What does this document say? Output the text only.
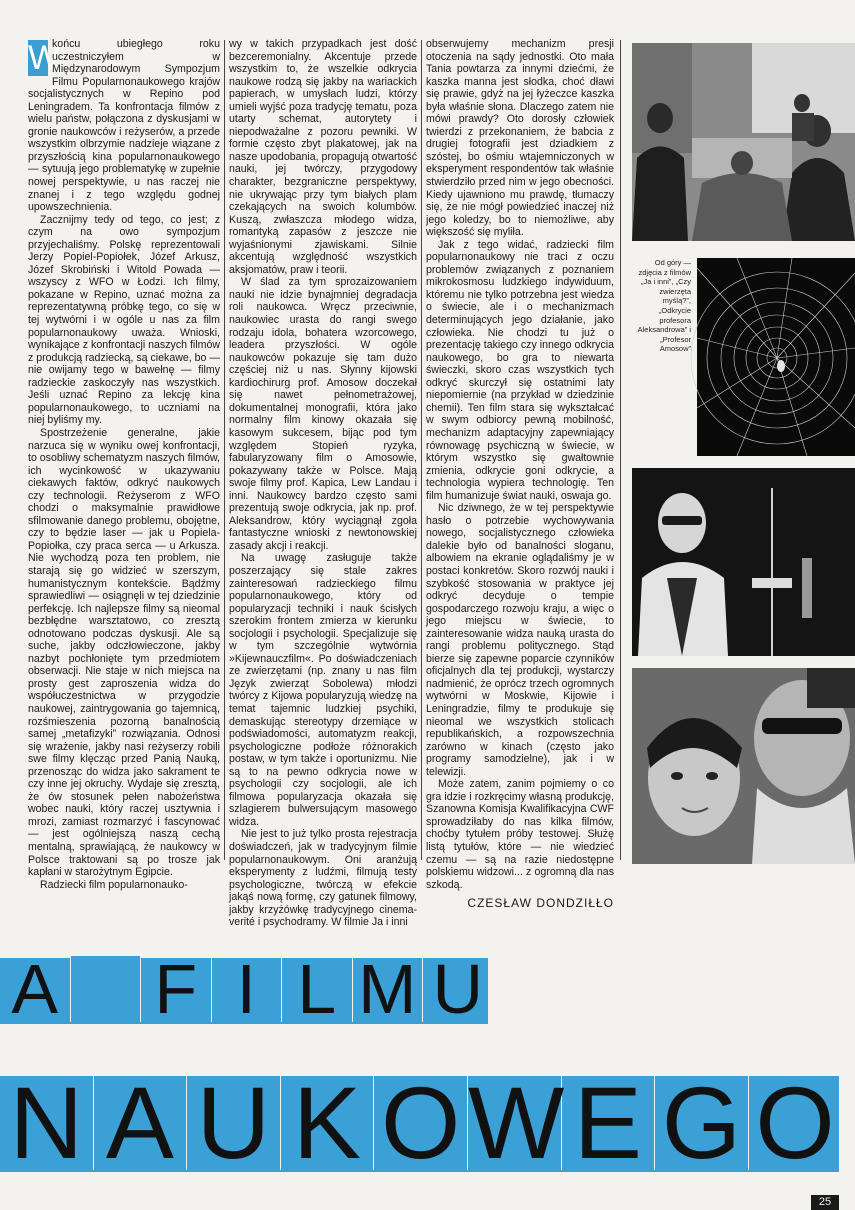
W
końcu ubiegłego roku uczestniczyłem w Międzynarodowym Sympozjum Filmu Popularnonaukowego krajów socjalistycznych w Repino pod Leningradem. Ta konfrontacja filmów z wielu państw, połączona z dyskusjami w gronie naukowców i reżyserów, a przede wszystkim olbrzymie nadzieje wiązane z przyszłością kina popularnonaukowego — sytuują jego problematykę w zupełnie nowej perspektywie, u nas raczej nie znanej i z tego względu godnej upowszechnienia.

Zacznijmy tedy od tego, co jest; z czym na owo sympozjum przyjechaliśmy. Polskę reprezentowali Jerzy Popiel-Popiołek, Józef Arkusz, Józef Skrobiński i Witold Powada — wszyscy z WFO w Łodzi. Ich filmy, pokazane w Repino, uznać można za reprezentatywną próbkę tego, co się w tej wytwórni i w ogóle u nas za film popularnonaukowy uważa. Wnioski, wynikające z konfrontacji naszych filmów z produkcją radziecką, są ciekawe, bo — nie owijamy tego w bawełnę — filmy radzieckie zaskoczyły nas wszystkich. Jeśli uznać Repino za lekcję kina popularnonaukowego, to uczniami na niej byliśmy my.

Spostrzeżenie generalne, jakie narzuca się w wyniku owej konfrontacji, to osobliwy schematyzm naszych filmów, ich wycinkowość w ukazywaniu ciekawych faktów, odkryć naukowych czy technologii. Reżyserom z WFO chodzi o maksymalnie prawidłowe sfilmowanie danego problemu, obojętne, czy to będzie laser — jak u Popiela-Popiołka, czy praca serca — u Arkusza. Nie wychodzą poza ten problem, nie starają się go widzieć w szerszym, humanistycznym kontekście. Bądźmy sprawiedliwi — osiągnęli w tej dziedzinie perfekcję. Ich najlepsze filmy są nieomal bezbłędne warsztatowo, co zresztą odnotowano podczas dyskusji. Ale są suche, jakby odczłowieczone, jakby nazbyt pochłonięte tym przedmiotem obserwacji. Nie staje w nich miejsca na prosty gest zaproszenia widza do współuczestnictwa w przygodzie naukowej, zaintrygowania go tajemnicą, rozśmieszenia pozorną banalnością samej „metafizyki” rozwiązania. Odnosi się wrażenie, jakby nasi reżyserzy robili swe filmy klęcząc przed Panią Nauką, przenosząc do widza jako sakrament te czy inne jej okruchy. Wydaje się zresztą, że ów stosunek pełen nabożeństwa wobec nauki, który raczej usztywnia i mrozi, zamiast rozmarzyć i fascynować — jest ogólniejszą naszą cechą mentalną, sprawiającą, że naukowcy w Polsce traktowani są po trosze jak kapłani w starożytnym Egipcie.

Radziecki film popularnonauko-

wy w takich przypadkach jest dość bezceremonialny. Akcentuje przede wszystkim to, że wszelkie odkrycia naukowe rodzą się jakby na wariackich papierach, w umysłach ludzi, którzy umieli wyjść poza tradycję tematu, poza utarty schemat, autorytety i niepodważalne z pozoru pewniki. W formie często zbyt plakatowej, jak na nasze upodobania, propagują otwartość nauki, jej twórczy, przygodowy charakter, bezgraniczne perspektywy, nie ukrywając przy tym białych plam czekających na swoich kolumbów. Kuszą, zwłaszcza młodego widza, romantyką zapasów z jeszcze nie wyjaśnionymi zjawiskami. Silnie akcentują względność wszystkich aksjomatów, praw i teorii.

W ślad za tym sprozaizowaniem nauki nie idzie bynajmniej degradacja roli naukowca. Wręcz przeciwnie, naukowiec urasta do rangi swego rodzaju idola, bohatera wzorcowego, leadera przyszłości. W ogóle naukowców pokazuje się tam dużo częściej niż u nas. Słynny kijowski kardiochirurg prof. Amosow doczekał się nawet pełnometrażowej, dokumentalnej monografii, która jako normalny film kinowy okazała się kasowym sukcesem, bijąc pod tym względem Stopień ryzyka, fabularyzowany film o Amosowie, pokazywany także w Polsce. Mają swoje filmy prof. Kapica, Lew Landau i inni. Naukowcy bardzo często sami prezentują swoje odkrycia, jak np. prof. Aleksandrow, który wyciągnął zgoła fantastyczne wnioski z newtonowskiej zasady akcji i reakcji.

Na uwagę zasługuje także poszerzający się stale zakres zainteresowań radzieckiego filmu popularnonaukowego, który od popularyzacji techniki i nauk ścisłych szerokim frontem zmierza w kierunku socjologii i psychologii. Specjalizuje się w tym szczególnie wytwórnia »Kijewnauczfilm«. Po doświadczeniach ze zwierzętami (np. znany u nas film Język zwierząt Sobolewa) młodzi twórcy z Kijowa popularyzują wiedzę na temat tajemnic ludzkiej psychiki, demaskując stereotypy drzemiące w podświadomości, automatyzm reakcji, psychologiczne podłoże różnorakich postaw, w tym także i oportunizmu. Nie są to na pewno odkrycia nowe w psychologii czy socjologii, ale ich filmowa popularyzacja okazała się szlagierem bulwersującym masowego widza.

Nie jest to już tylko prosta rejestracja doświadczeń, jak w tradycyjnym filmie popularnonaukowym. Oni aranżują eksperymenty z ludźmi, filmują testy psychologiczne, twórczą w efekcie jakąś nową formę, czy gatunek filmowy, jakby krzyżówkę tradycyjnego cinema-verité i psychodramy. W filmie Ja i inni

obserwujemy mechanizm presji otoczenia na sądy jednostki. Oto mała Tania powtarza za innymi dziećmi, że kaszka manna jest słodka, choć dławi się prawie, gdyż na jej łyżeczce kaszka była właśnie słona. Dlaczego zatem nie mówi prawdy? Oto dorosły człowiek twierdzi z przekonaniem, że babcia z drugiej fotografii jest dziadkiem z szóstej, bo ośmiu wtajemniczonych w eksperyment respondentów tak właśnie stwierdziło przed nim w jego obecności. Kiedy ujawniono mu prawdę, tłumaczy się, że nie mógł powiedzieć inaczej niż jego koledzy, bo to niemożliwe, aby większość się myliła.

Jak z tego widać, radziecki film popularnonaukowy nie traci z oczu problemów związanych z poznaniem mikrokosmosu ludzkiego indywiduum, któremu nie tylko potrzebna jest wiedza o świecie, ale i o mechanizmach determinujących jego działanie, jako człowieka. Nie chodzi tu już o prezentację takiego czy innego odkrycia naukowego, bo gra to niewarta świeczki, skoro czas wszystkich tych odkryć skurczył się ostatnimi laty niepomiernie (na przykład w dziedzinie chemii). Ten film stara się wykształcać w swym odbiorcy pewną mobilność, mechanizm adaptacyjny zapewniający równowagę psychiczną w świecie, w którym wszystko się gwałtownie zmienia, odkrycie goni odkrycie, a technologia wypiera technologię. Ten film humanizuje świat nauki, oswaja go.

Nic dziwnego, że w tej perspektywie hasło o potrzebie wychowywania nowego, socjalistycznego człowieka dalekie było od banalności sloganu, albowiem na ekranie oglądaliśmy je w postaci konkretów. Skoro rozwój nauki i szybkość stosowania w praktyce jej odkryć decyduje o tempie gospodarczego rozwoju kraju, a więc o jego miejscu w świecie, to zainteresowanie widza nauką urasta do rangi problemu politycznego. Stąd bierze się zapewne poparcie czynników oficjalnych dla tej produkcji, wystarczy nadmienić, że oprócz trzech ogromnych wytwórni w Moskwie, Kijowie i Leningradzie, filmy te produkuje się nieomal we wszystkich stolicach republikańskich, a rozpowszechnia zarówno w kinach (często jako programy samodzielne), jak i w telewizji.

Może zatem, zanim pojmiemy o co gra idzie i rozkręcimy własną produkcję, Szanowna Komisja Kwalifikacyjna CWF sprowadziłaby do nas kilka filmów, choćby tytułem próby testowej. Służę listą tytułów, które — nie wiedzieć czemu — są na razie niedostępne polskiemu widzowi... z ogromną dla nas szkodą.

CZESŁAW DONDZIŁŁO

Od góry — zdjęcia z filmów „Ja i inni”, „Czy zwierzęta myślą?”, „Odkrycie profesora Aleksandrowa” i „Profesor Amosow”
A F I L M U
N A U K O W E G O
25
